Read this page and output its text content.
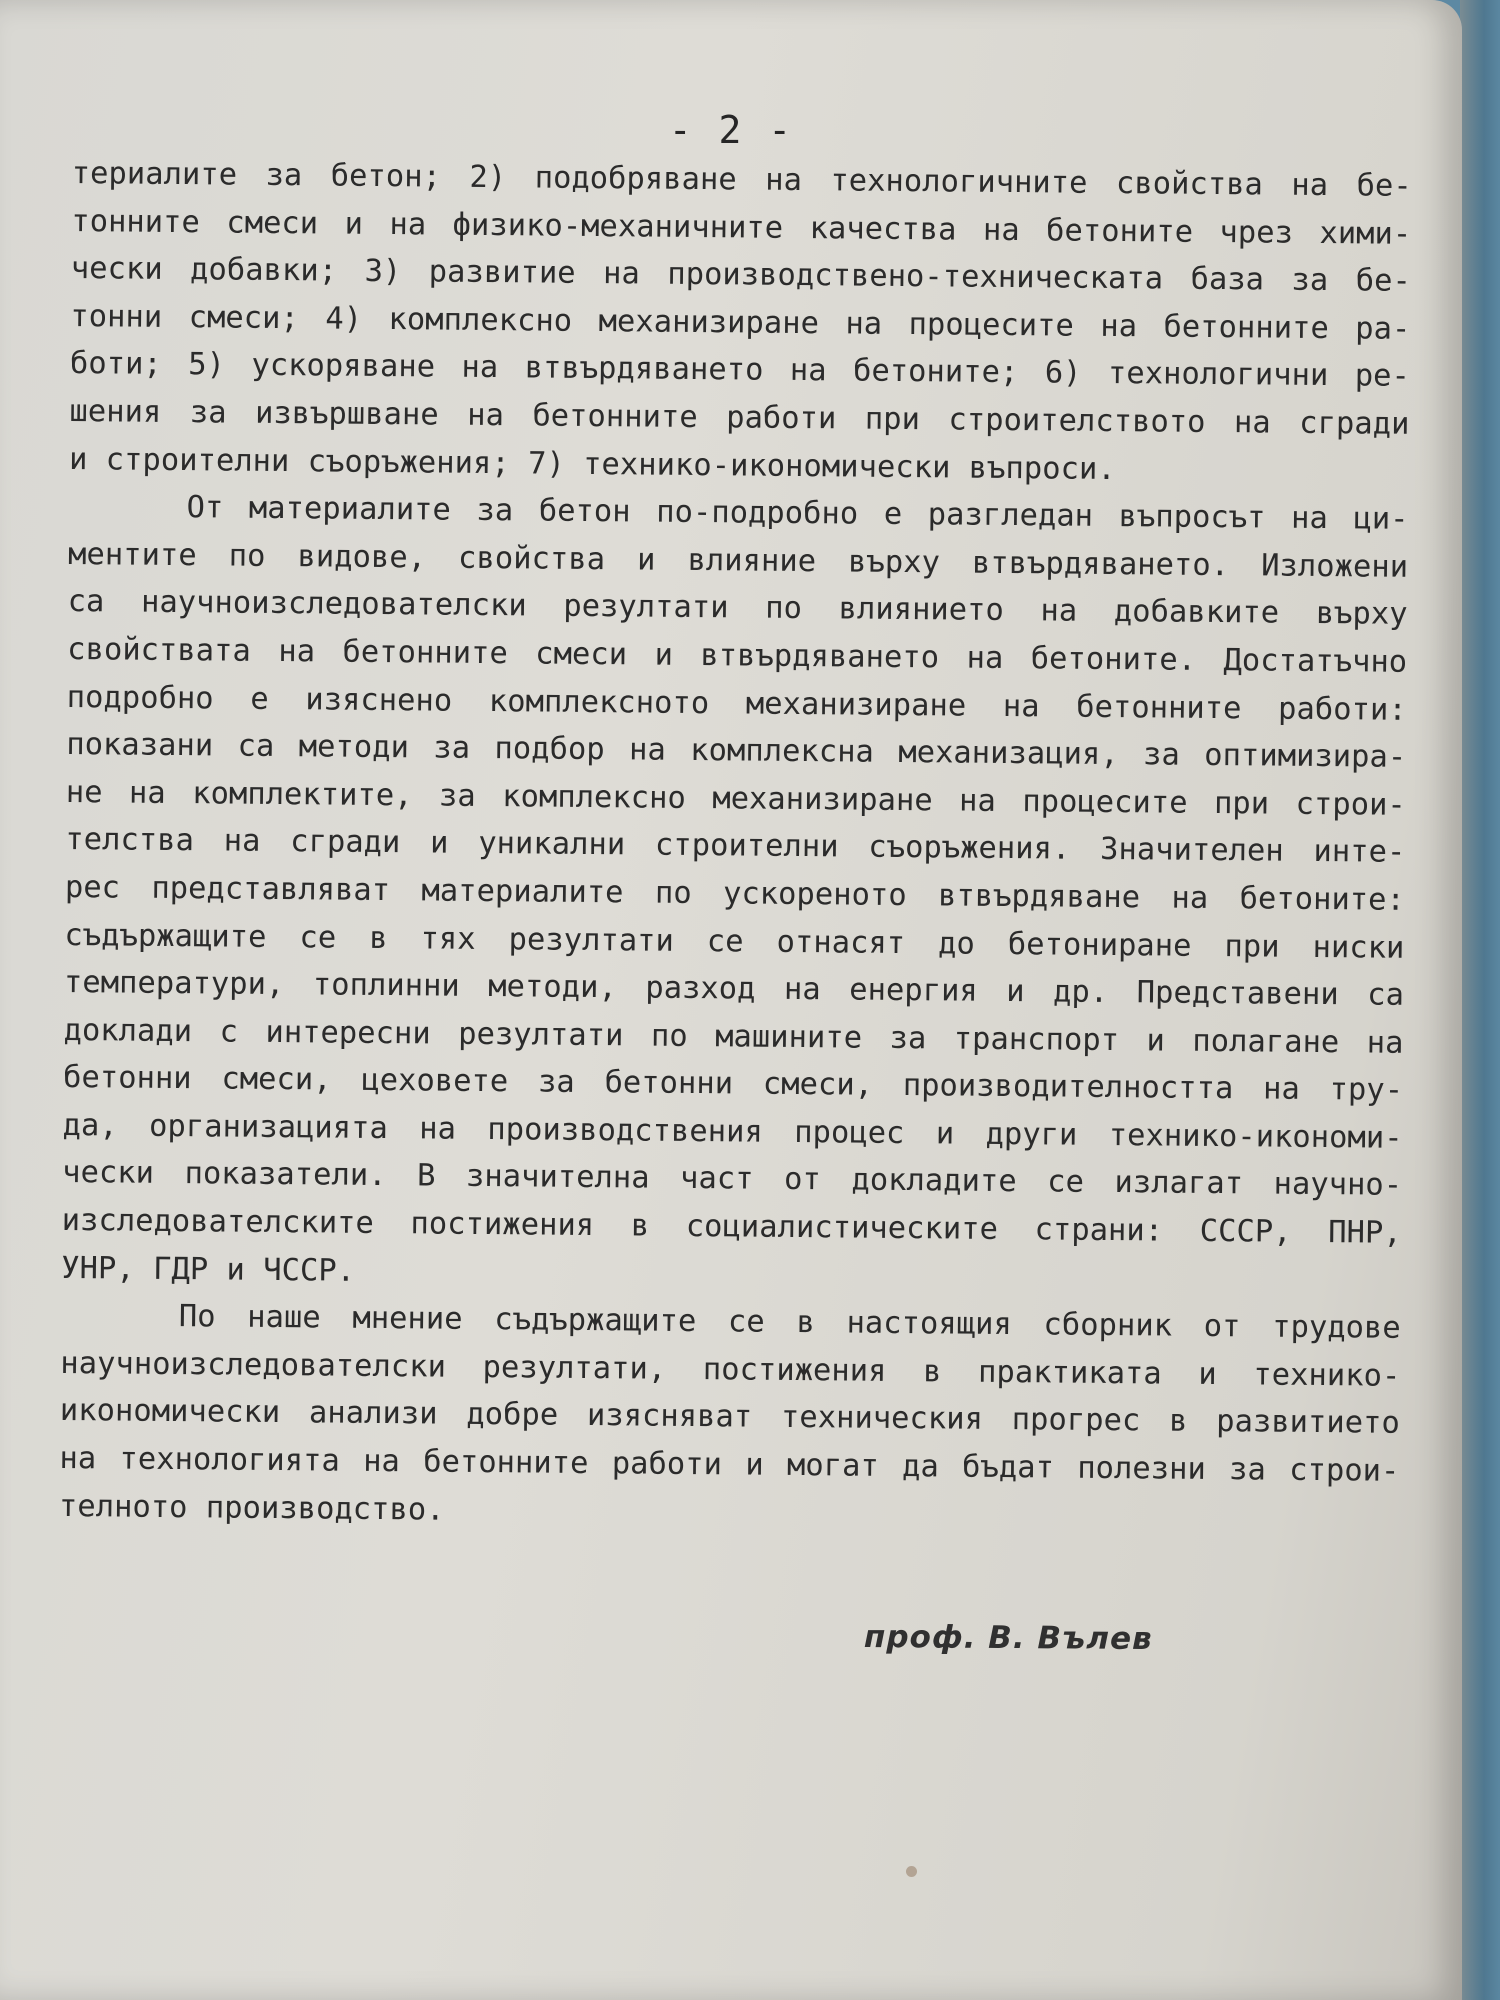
- 2 -
териалите за бетон; 2) подобряване на технологичните свойства на бе-
тонните смеси и на физико-механичните качества на бетоните чрез хими-
чески добавки; 3) развитие на производствено-техническата база за бе-
тонни смеси; 4) комплексно механизиране на процесите на бетонните ра-
боти; 5) ускоряване на втвърдяването на бетоните; 6) технологични ре-
шения за извършване на бетонните работи при строителството на сгради
и строителни съоръжения; 7) технико-икономически въпроси.
От материалите за бетон по-подробно е разгледан въпросът на ци-
ментите по видове, свойства и влияние върху втвърдяването. Изложени
са научноизследователски резултати по влиянието на добавките върху
свойствата на бетонните смеси и втвърдяването на бетоните. Достатъчно
подробно е изяснено комплексното механизиране на бетонните работи:
показани са методи за подбор на комплексна механизация, за оптимизира-
не на комплектите, за комплексно механизиране на процесите при строи-
телства на сгради и уникални строителни съоръжения. Значителен инте-
рес представляват материалите по ускореното втвърдяване на бетоните:
съдържащите се в тях резултати се отнасят до бетониране при ниски
температури, топлинни методи, разход на енергия и др. Представени са
доклади с интересни резултати по машините за транспорт и полагане на
бетонни смеси, цеховете за бетонни смеси, производителността на тру-
да, организацията на производствения процес и други технико-икономи-
чески показатели. В значителна част от докладите се излагат научно-
изследователските постижения в социалистическите страни: СССР, ПНР,
УНР, ГДР и ЧССР.
По наше мнение съдържащите се в настоящия сборник от трудове
научноизследователски резултати, постижения в практиката и технико-
икономически анализи добре изясняват техническия прогрес в развитието
на технологията на бетонните работи и могат да бъдат полезни за строи-
телното производство.
проф. В. Вълев
